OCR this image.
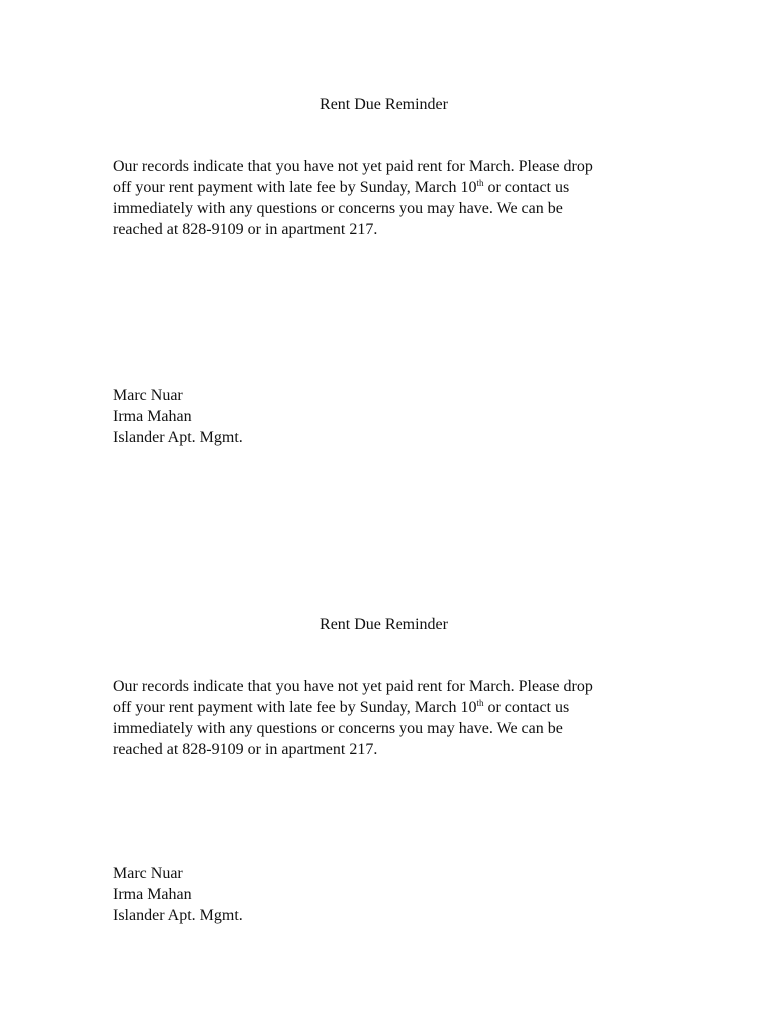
Rent Due Reminder

Our records indicate that you have not yet paid rent for March. Please drop
off your rent payment with late fee by Sunday, March 10th or contact us
immediately with any questions or concerns you may have. We can be
reached at 828-9109 or in apartment 217.

Marc Nuar
Irma Mahan
Islander Apt. Mgmt.

Rent Due Reminder

Our records indicate that you have not yet paid rent for March. Please drop
off your rent payment with late fee by Sunday, March 10th or contact us
immediately with any questions or concerns you may have. We can be
reached at 828-9109 or in apartment 217.

Marc Nuar
Irma Mahan
Islander Apt. Mgmt.
